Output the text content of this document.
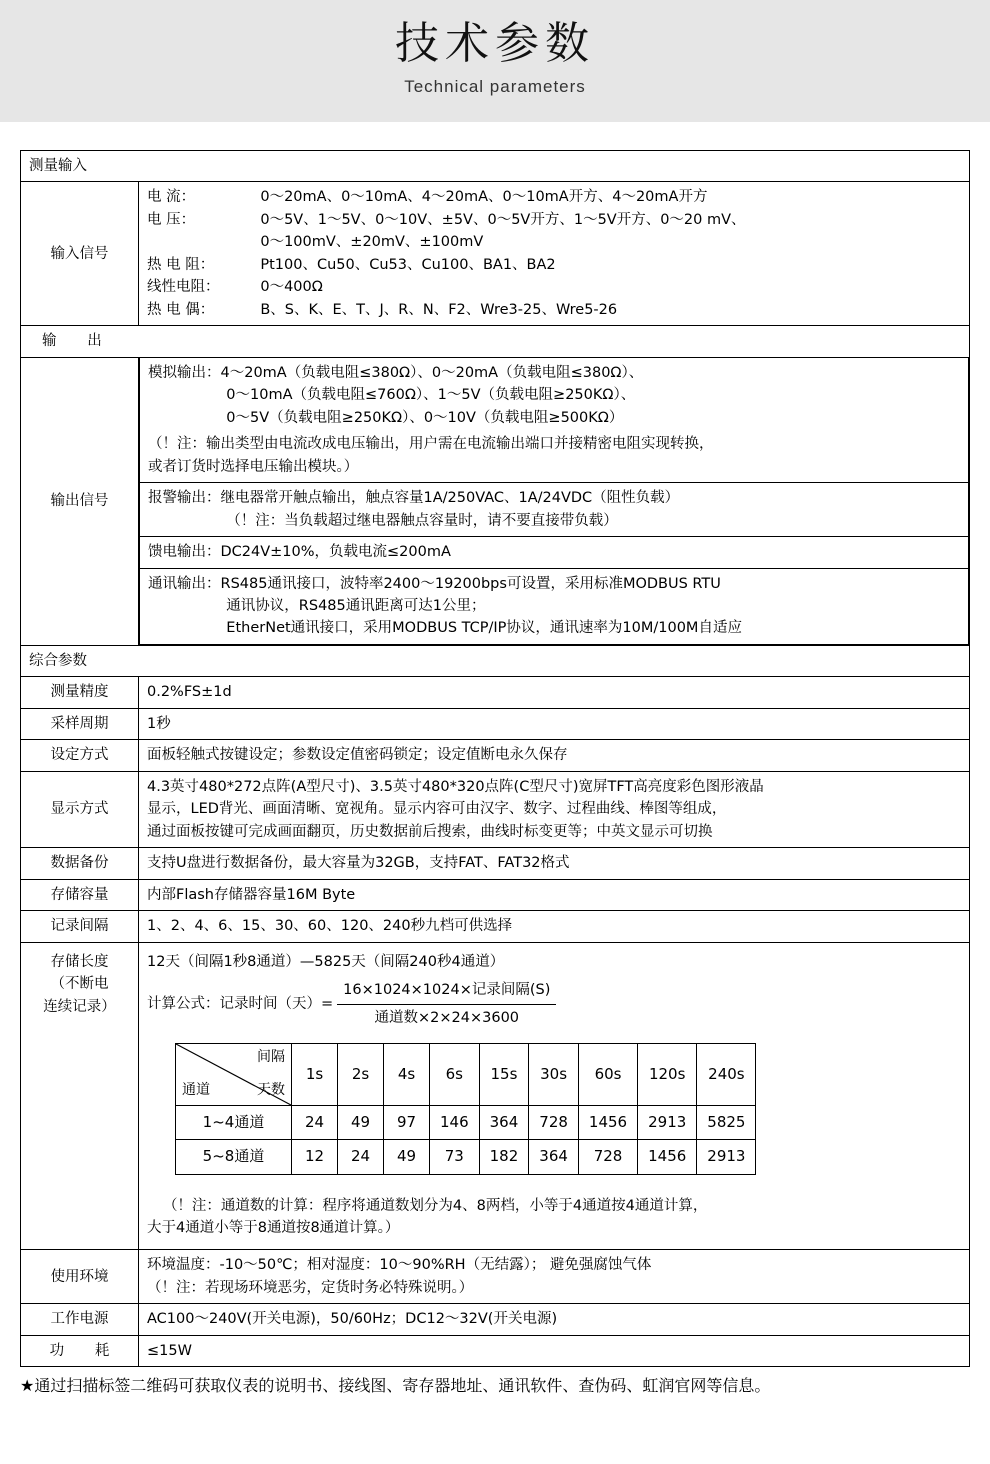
技术参数
Technical parameters
测量输入
输入信号	
电 流：	0～20mA、0～10mA、4～20mA、0～10mA开方、4～20mA开方
电 压：	0～5V、1～5V、0～10V、±5V、0～5V开方、1～5V开方、0～20 mV、
	0～100mV、±20mV、±100mV
热 电 阻：	Pt100、Cu50、Cu53、Cu100、BA1、BA2
线性电阻：	0～400Ω
热 电 偶：	B、S、K、E、T、J、R、N、F2、Wre3-25、Wre5-26

输 出
输出信号	
模拟输出：4～20mA（负载电阻≤380Ω）、0～20mA（负载电阻≤380Ω）、
0～10mA（负载电阻≤760Ω）、1～5V（负载电阻≥250KΩ）、
0～5V（负载电阻≥250KΩ）、0～10V（负载电阻≥500KΩ）
（！注：输出类型由电流改成电压输出，用户需在电流输出端口并接精密电阻实现转换，
或者订货时选择电压输出模块。）

报警输出：继电器常开触点输出，触点容量1A/250VAC、1A/24VDC（阻性负载）
（！注：当负载超过继电器触点容量时，请不要直接带负载）

馈电输出：DC24V±10%，负载电流≤200mA

通讯输出：RS485通讯接口，波特率2400～19200bps可设置，采用标准MODBUS RTU
通讯协议，RS485通讯距离可达1公里；
EtherNet通讯接口，采用MODBUS TCP/IP协议，通讯速率为10M/100M自适应

综合参数
测量精度	0.2%FS±1d
采样周期	1秒
设定方式	面板轻触式按键设定；参数设定值密码锁定；设定值断电永久保存
显示方式	
4.3英寸480*272点阵(A型尺寸)、3.5英寸480*320点阵(C型尺寸)宽屏TFT高亮度彩色图形液晶
显示，LED背光、画面清晰、宽视角。显示内容可由汉字、数字、过程曲线、棒图等组成，
通过面板按键可完成画面翻页，历史数据前后搜索，曲线时标变更等；中英文显示可切换

数据备份	支持U盘进行数据备份，最大容量为32GB，支持FAT、FAT32格式
存储容量	内部Flash存储器容量16M Byte
记录间隔	1、2、4、6、15、30、60、120、240秒九档可供选择

存储长度
（不断电
连续记录）

12天（间隔1秒8通道）—5825天（间隔240秒4通道）
计算公式：记录时间（天）= $\frac{\text{16×1024×1024×记录间隔(S)}}{\text{通道数×2×24×3600}}$
间隔
天数
通道
	1s	2s	4s	6s	15s	30s	60s	120s	240s
1~4通道	24	49	97	146	364	728	1456	2913	5825
5~8通道	12	24	49	73	182	364	728	1456	2913
（！注：通道数的计算：程序将通道数划分为4、8两档，小等于4通道按4通道计算，
大于4通道小等于8通道按8通道计算。）

使用环境	
环境温度：-10～50℃；相对湿度：10～90%RH（无结露）； 避免强腐蚀气体
（！注：若现场环境恶劣，定货时务必特殊说明。）

工作电源	AC100～240V(开关电源)，50/60Hz；DC12～32V(开关电源)
功 耗	≤15W
★通过扫描标签二维码可获取仪表的说明书、接线图、寄存器地址、通讯软件、查伪码、虹润官网等信息。
